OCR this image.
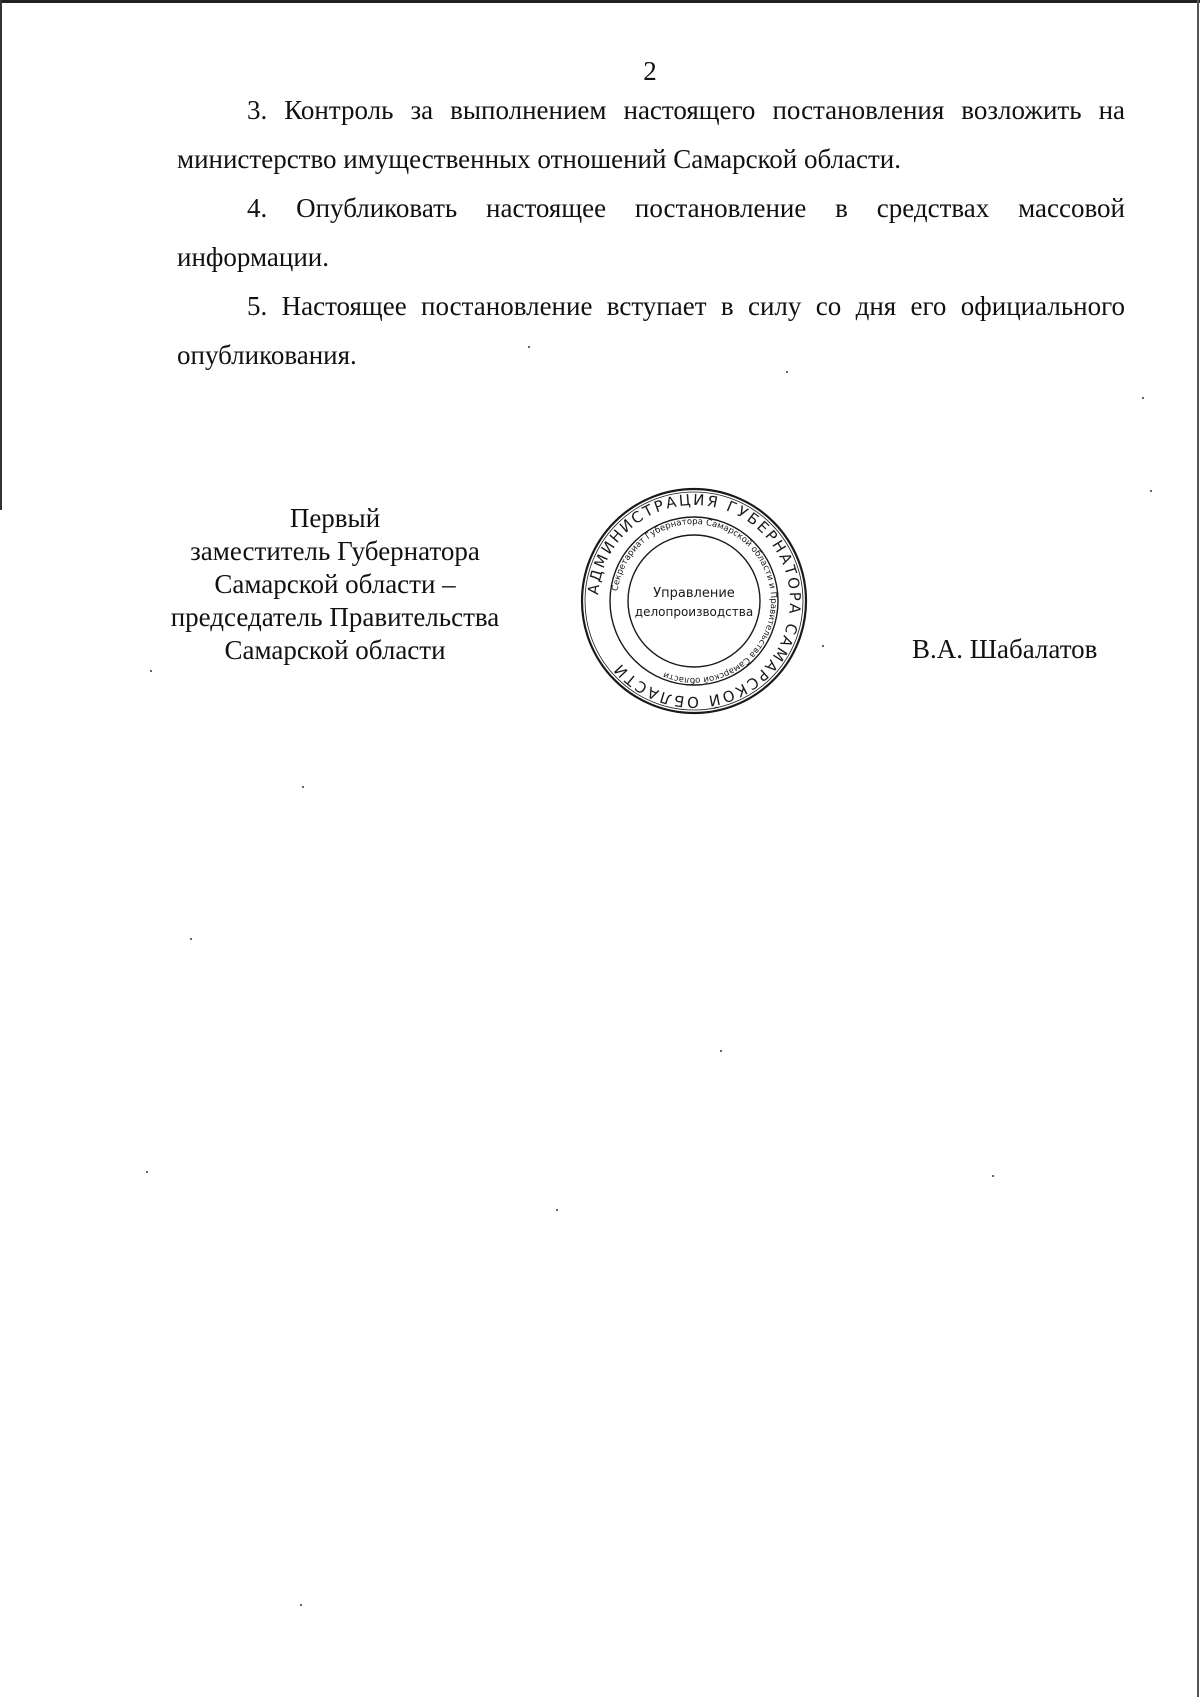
2

3. Контроль за выполнением настоящего постановления возложить на министерство имущественных отношений Самарской области.

4. Опубликовать настоящее постановление в средствах массовой информации.

5. Настоящее постановление вступает в силу со дня его официального опубликования.

Первый
заместитель Губернатора
Самарской области –
председатель Правительства
Самарской области
АДМИНИСТРАЦИЯ ГУБЕРНАТОРА САМАРСКОЙ ОБЛАСТИ
Секретариат Губернатора Самарской области и Правительства Самарской области
Управление
делопроизводства
В.А. Шабалатов
